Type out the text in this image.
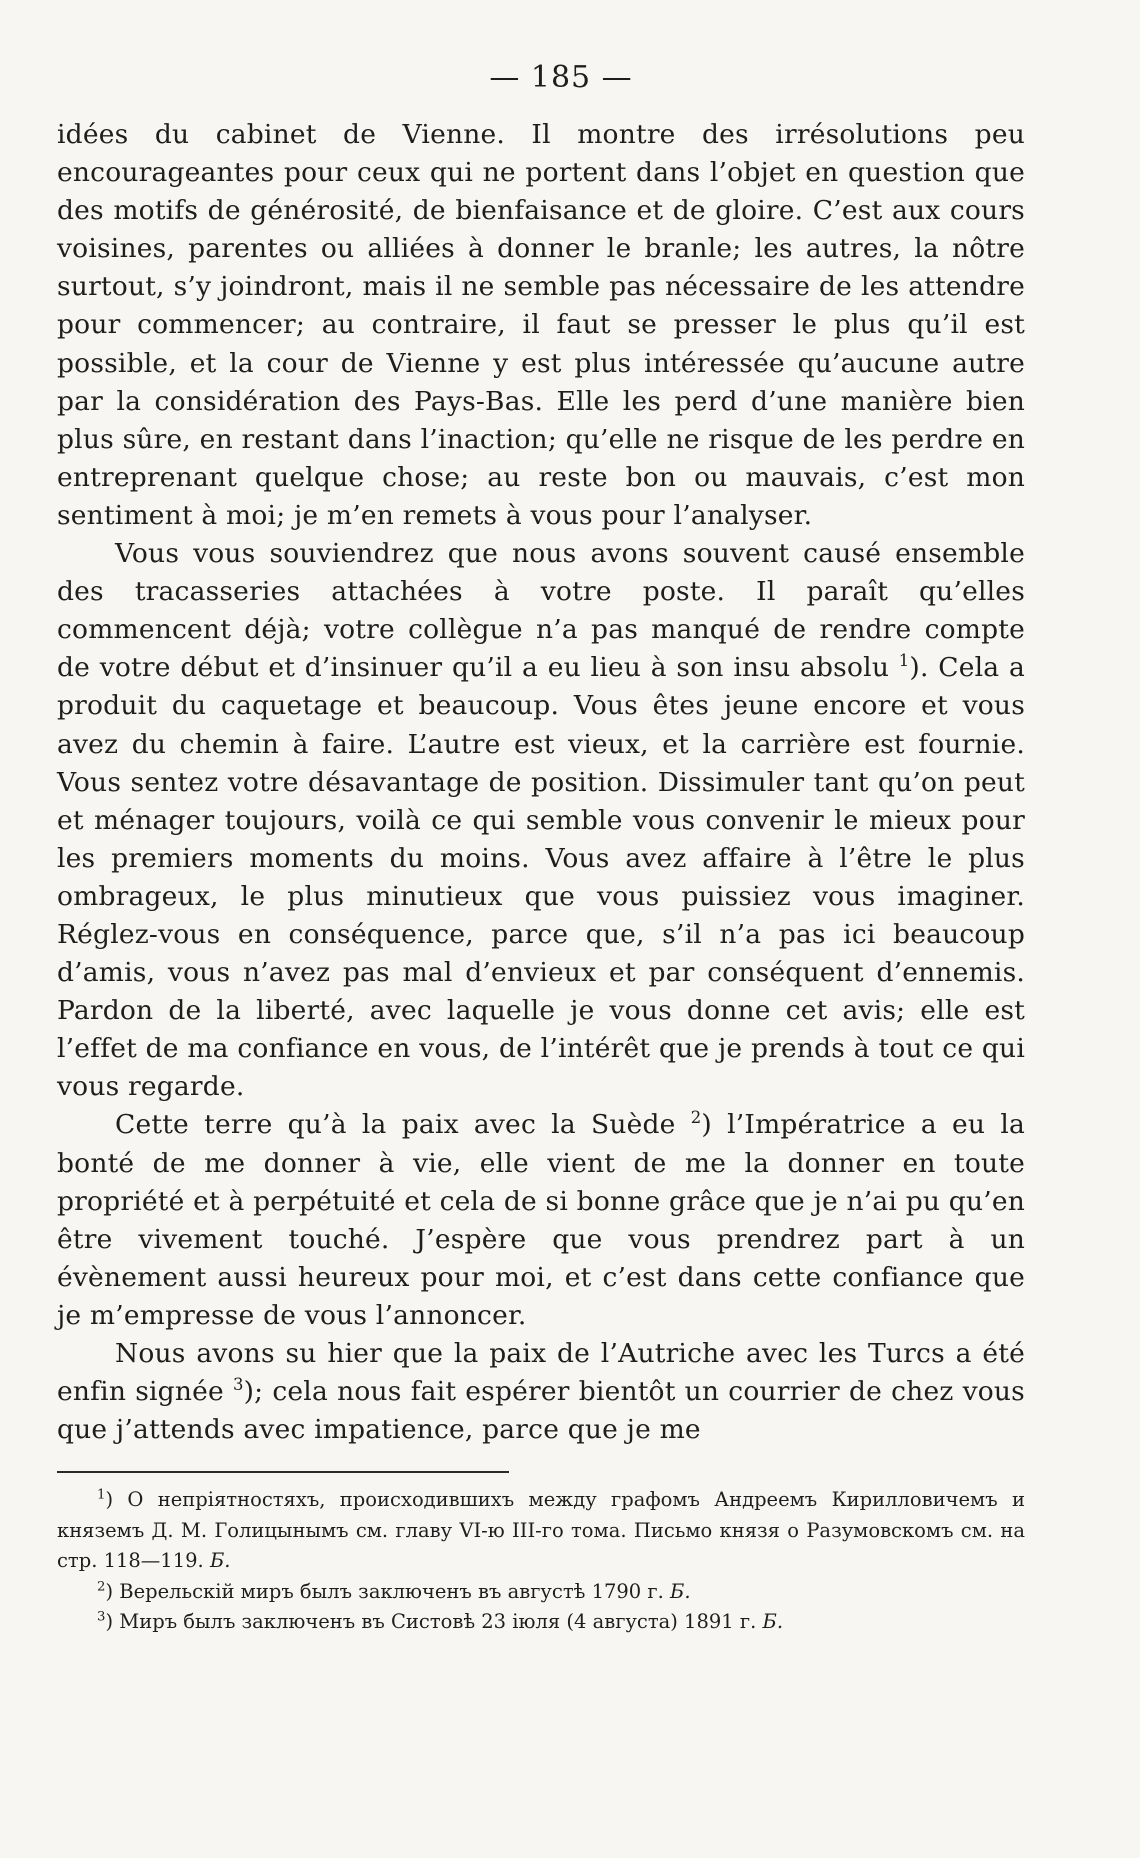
— 185 —

idées du cabinet de Vienne. Il montre des irrésolutions peu encourageantes pour ceux qui ne portent dans l’objet en question que des motifs de générosité, de bienfaisance et de gloire. C’est aux cours voisines, parentes ou alliées à donner le branle; les autres, la nôtre surtout, s’y joindront, mais il ne semble pas nécessaire de les attendre pour commencer; au contraire, il faut se presser le plus qu’il est possible, et la cour de Vienne y est plus intéressée qu’aucune autre par la considération des Pays-Bas. Elle les perd d’une manière bien plus sûre, en restant dans l’inaction; qu’elle ne risque de les perdre en entreprenant quelque chose; au reste bon ou mauvais, c’est mon sentiment à moi; je m’en remets à vous pour l’analyser.

Vous vous souviendrez que nous avons souvent causé ensemble des tracasseries attachées à votre poste. Il paraît qu’elles commencent déjà; votre collègue n’a pas manqué de rendre compte de votre début et d’insinuer qu’il a eu lieu à son insu absolu $^1$). Cela a produit du caquetage et beaucoup. Vous êtes jeune encore et vous avez du chemin à faire. L’autre est vieux, et la carrière est fournie. Vous sentez votre désavantage de position. Dissimuler tant qu’on peut et ménager toujours, voilà ce qui semble vous convenir le mieux pour les premiers moments du moins. Vous avez affaire à l’être le plus ombrageux, le plus minutieux que vous puissiez vous imaginer. Réglez-vous en conséquence, parce que, s’il n’a pas ici beaucoup d’amis, vous n’avez pas mal d’envieux et par conséquent d’ennemis. Pardon de la liberté, avec laquelle je vous donne cet avis; elle est l’effet de ma confiance en vous, de l’intérêt que je prends à tout ce qui vous regarde.

Cette terre qu’à la paix avec la Suède $^2$) l’Impératrice a eu la bonté de me donner à vie, elle vient de me la donner en toute propriété et à perpétuité et cela de si bonne grâce que je n’ai pu qu’en être vivement touché. J’espère que vous prendrez part à un évènement aussi heureux pour moi, et c’est dans cette confiance que je m’empresse de vous l’annoncer.

Nous avons su hier que la paix de l’Autriche avec les Turcs a été enfin signée $^3$); cela nous fait espérer bientôt un courrier de chez vous que j’attends avec impatience, parce que je me

$^1$) О непріятностяхъ, происходившихъ между графомъ Андреемъ Кирилловичемъ и княземъ Д. М. Голицынымъ см. главу VI-ю III-го тома. Письмо князя о Разумовскомъ см. на стр. 118—119. Б.

$^2$) Верельскій миръ былъ заключенъ въ августѣ 1790 г. Б.

$^3$) Миръ былъ заключенъ въ Систовѣ 23 іюля (4 августа) 1891 г. Б.
